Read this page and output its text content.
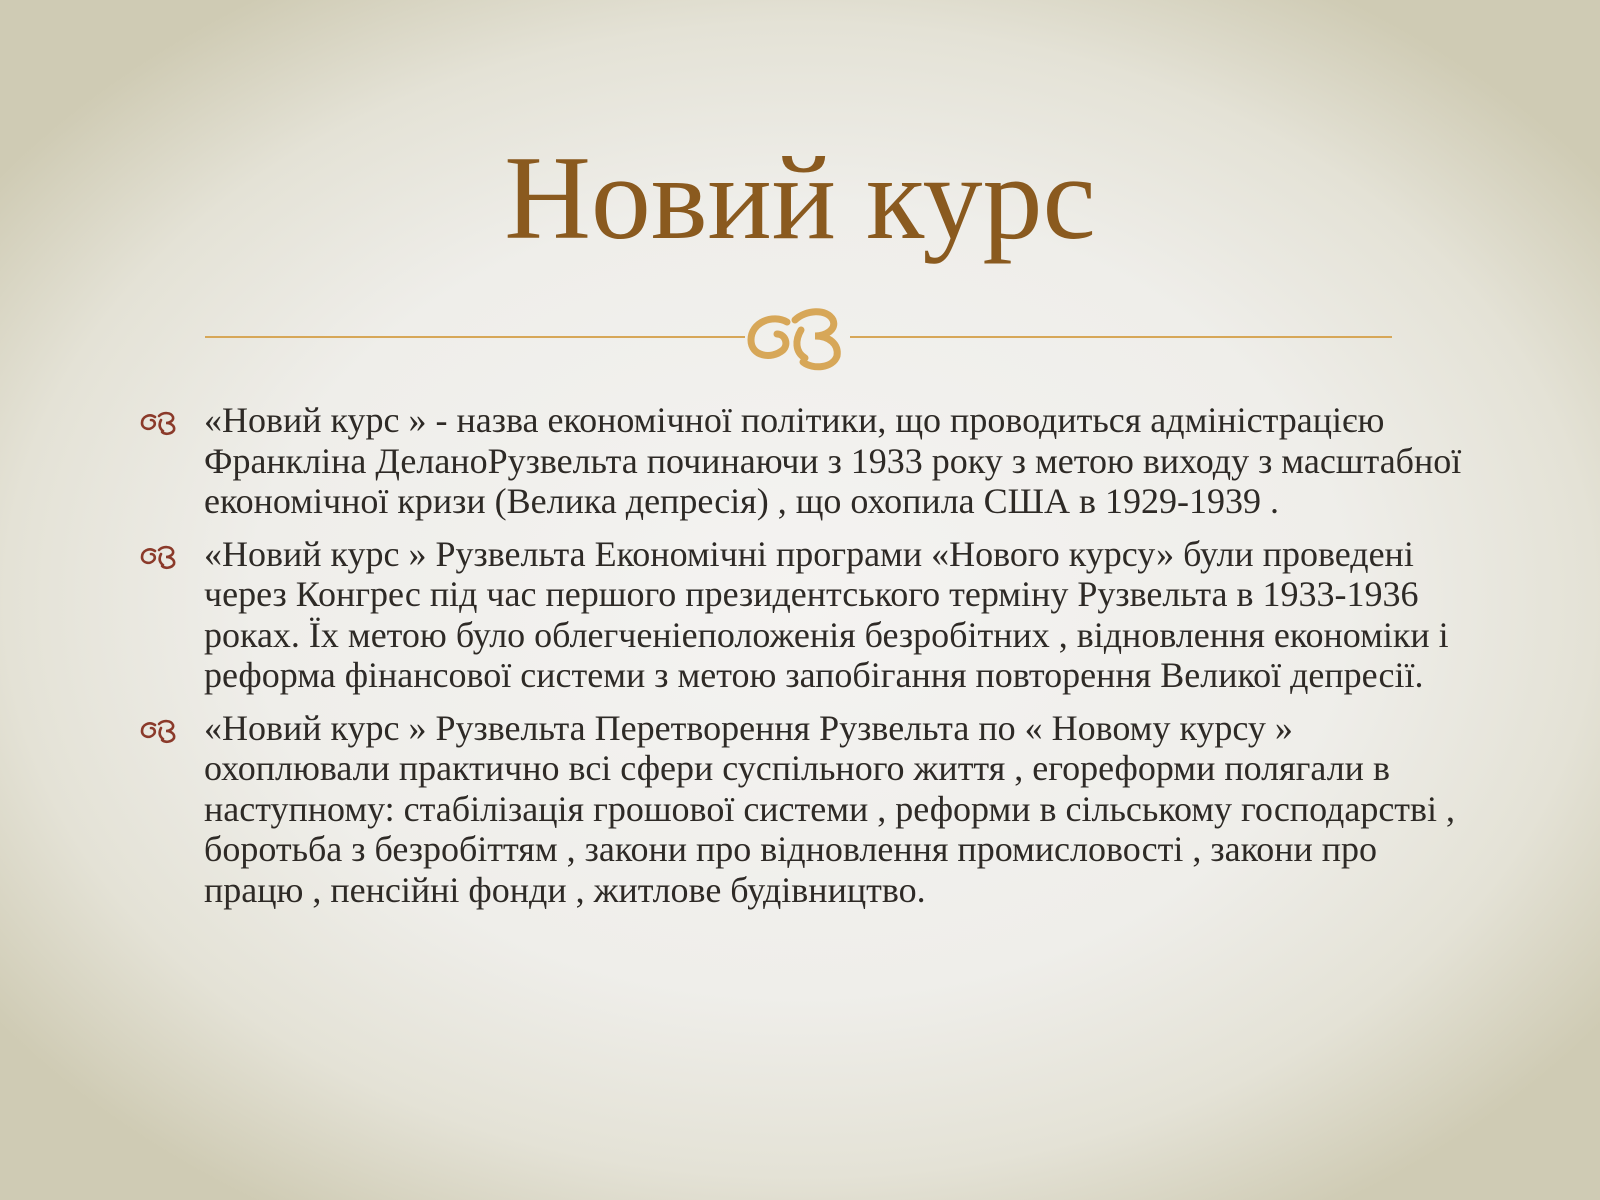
Новий курс
«Новий курс » - назва економічної політики, що проводиться адміністрацією Франкліна ДеланоРузвельта починаючи з 1933 року з метою виходу з масштабної економічної кризи (Велика депресія) , що охопила США в 1929-1939 .
«Новий курс » Рузвельта Економічні програми «Нового курсу» були проведені через Конгрес під час першого президентського терміну Рузвельта в 1933-1936 роках. Їх метою було облегченіеположенія безробітних , відновлення економіки і реформа фінансової системи з метою запобігання повторення Великої депресії.
«Новий курс » Рузвельта Перетворення Рузвельта по « Новому курсу » охоплювали практично всі сфери суспільного життя , егореформи полягали в наступному: стабілізація грошової системи , реформи в сільському господарстві , боротьба з безробіттям , закони про відновлення промисловості , закони про працю , пенсійні фонди , житлове будівництво.
